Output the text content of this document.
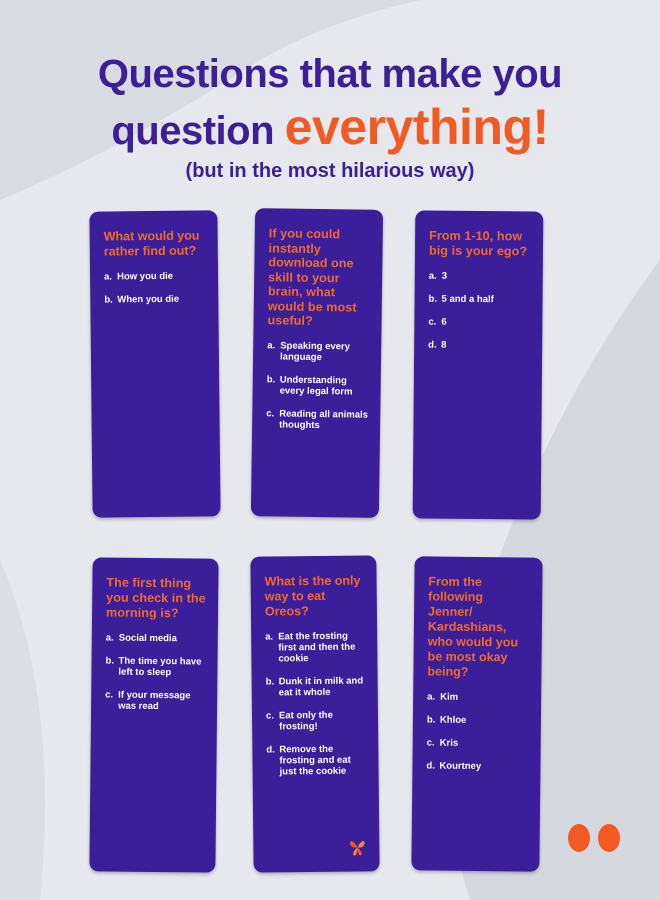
Questions that make you
question everything!
(but in the most hilarious way)
What would you rather find out?
a. How you die
b. When you die
If you could instantly download one skill to your brain, what would be most useful?
a. Speaking every language
b. Understanding every legal form
c. Reading all animals thoughts
From 1-10, how big is your ego?
a. 3
b. 5 and a half
c. 6
d. 8
The first thing you check in the morning is?
a. Social media
b. The time you have left to sleep
c. If your message was read
What is the only way to eat Oreos?
a. Eat the frosting first and then the cookie
b. Dunk it in milk and eat it whole
c. Eat only the frosting!
d. Remove the frosting and eat just the cookie
From the following Jenner/ Kardashians, who would you be most okay being?
a. Kim
b. Khloe
c. Kris
d. Kourtney
